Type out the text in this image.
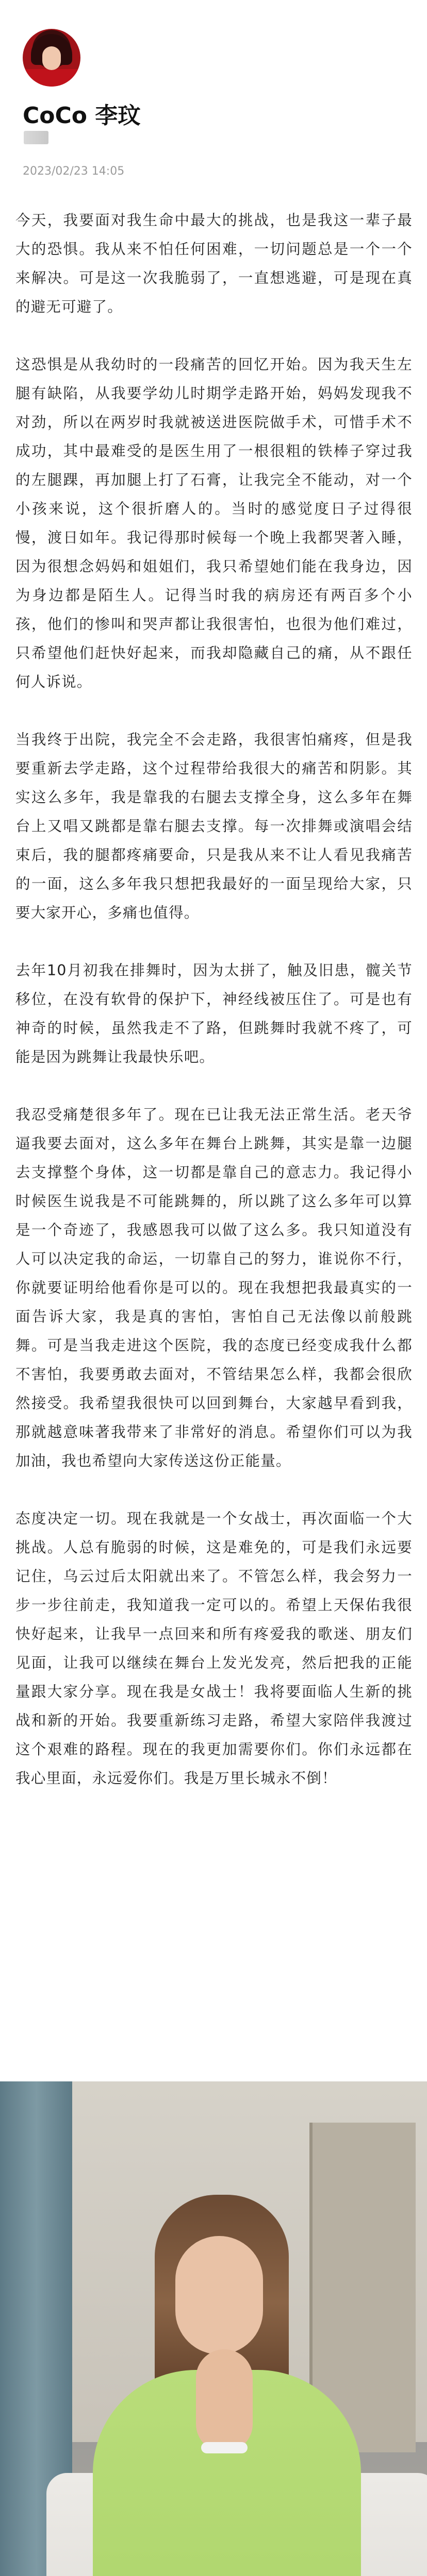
CoCo 李玟
2023/02/23 14:05

今天，我要面对我生命中最大的挑战，也是我这一辈子最大的恐惧。我从来不怕任何困难，一切问题总是一个一个来解决。可是这一次我脆弱了，一直想逃避，可是现在真的避无可避了。

这恐惧是从我幼时的一段痛苦的回忆开始。因为我天生左腿有缺陷，从我要学幼儿时期学走路开始，妈妈发现我不对劲，所以在两岁时我就被送进医院做手术，可惜手术不成功，其中最难受的是医生用了一根很粗的铁棒子穿过我的左腿踝，再加腿上打了石膏，让我完全不能动，对一个小孩来说，这个很折磨人的。当时的感觉度日子过得很慢，渡日如年。我记得那时候每一个晚上我都哭著入睡，因为很想念妈妈和姐姐们，我只希望她们能在我身边，因为身边都是陌生人。记得当时我的病房还有两百多个小孩，他们的惨叫和哭声都让我很害怕，也很为他们难过，只希望他们赶快好起来，而我却隐藏自己的痛，从不跟任何人诉说。

当我终于出院，我完全不会走路，我很害怕痛疼，但是我要重新去学走路，这个过程带给我很大的痛苦和阴影。其实这么多年，我是靠我的右腿去支撑全身，这么多年在舞台上又唱又跳都是靠右腿去支撑。每一次排舞或演唱会结束后，我的腿都疼痛要命，只是我从来不让人看见我痛苦的一面，这么多年我只想把我最好的一面呈现给大家，只要大家开心，多痛也值得。

去年10月初我在排舞时，因为太拼了，触及旧患，髋关节移位，在没有软骨的保护下，神经线被压住了。可是也有神奇的时候，虽然我走不了路，但跳舞时我就不疼了，可能是因为跳舞让我最快乐吧。

我忍受痛楚很多年了。现在已让我无法正常生活。老天爷逼我要去面对，这么多年在舞台上跳舞，其实是靠一边腿去支撑整个身体，这一切都是靠自己的意志力。我记得小时候医生说我是不可能跳舞的，所以跳了这么多年可以算是一个奇迹了，我感恩我可以做了这么多。我只知道没有人可以决定我的命运，一切靠自己的努力，谁说你不行，你就要证明给他看你是可以的。现在我想把我最真实的一面告诉大家，我是真的害怕，害怕自己无法像以前般跳舞。可是当我走进这个医院，我的态度已经变成我什么都不害怕，我要勇敢去面对，不管结果怎么样，我都会很欣然接受。我希望我很快可以回到舞台，大家越早看到我，那就越意味著我带来了非常好的消息。希望你们可以为我加油，我也希望向大家传送这份正能量。

态度决定一切。现在我就是一个女战士，再次面临一个大挑战。人总有脆弱的时候，这是难免的，可是我们永远要记住，乌云过后太阳就出来了。不管怎么样，我会努力一步一步往前走，我知道我一定可以的。希望上天保佑我很快好起来，让我早一点回来和所有疼爱我的歌迷、朋友们见面，让我可以继续在舞台上发光发亮，然后把我的正能量跟大家分享。现在我是女战士！我将要面临人生新的挑战和新的开始。我要重新练习走路，希望大家陪伴我渡过这个艰难的路程。现在的我更加需要你们。你们永远都在我心里面，永远爱你们。我是万里长城永不倒！
